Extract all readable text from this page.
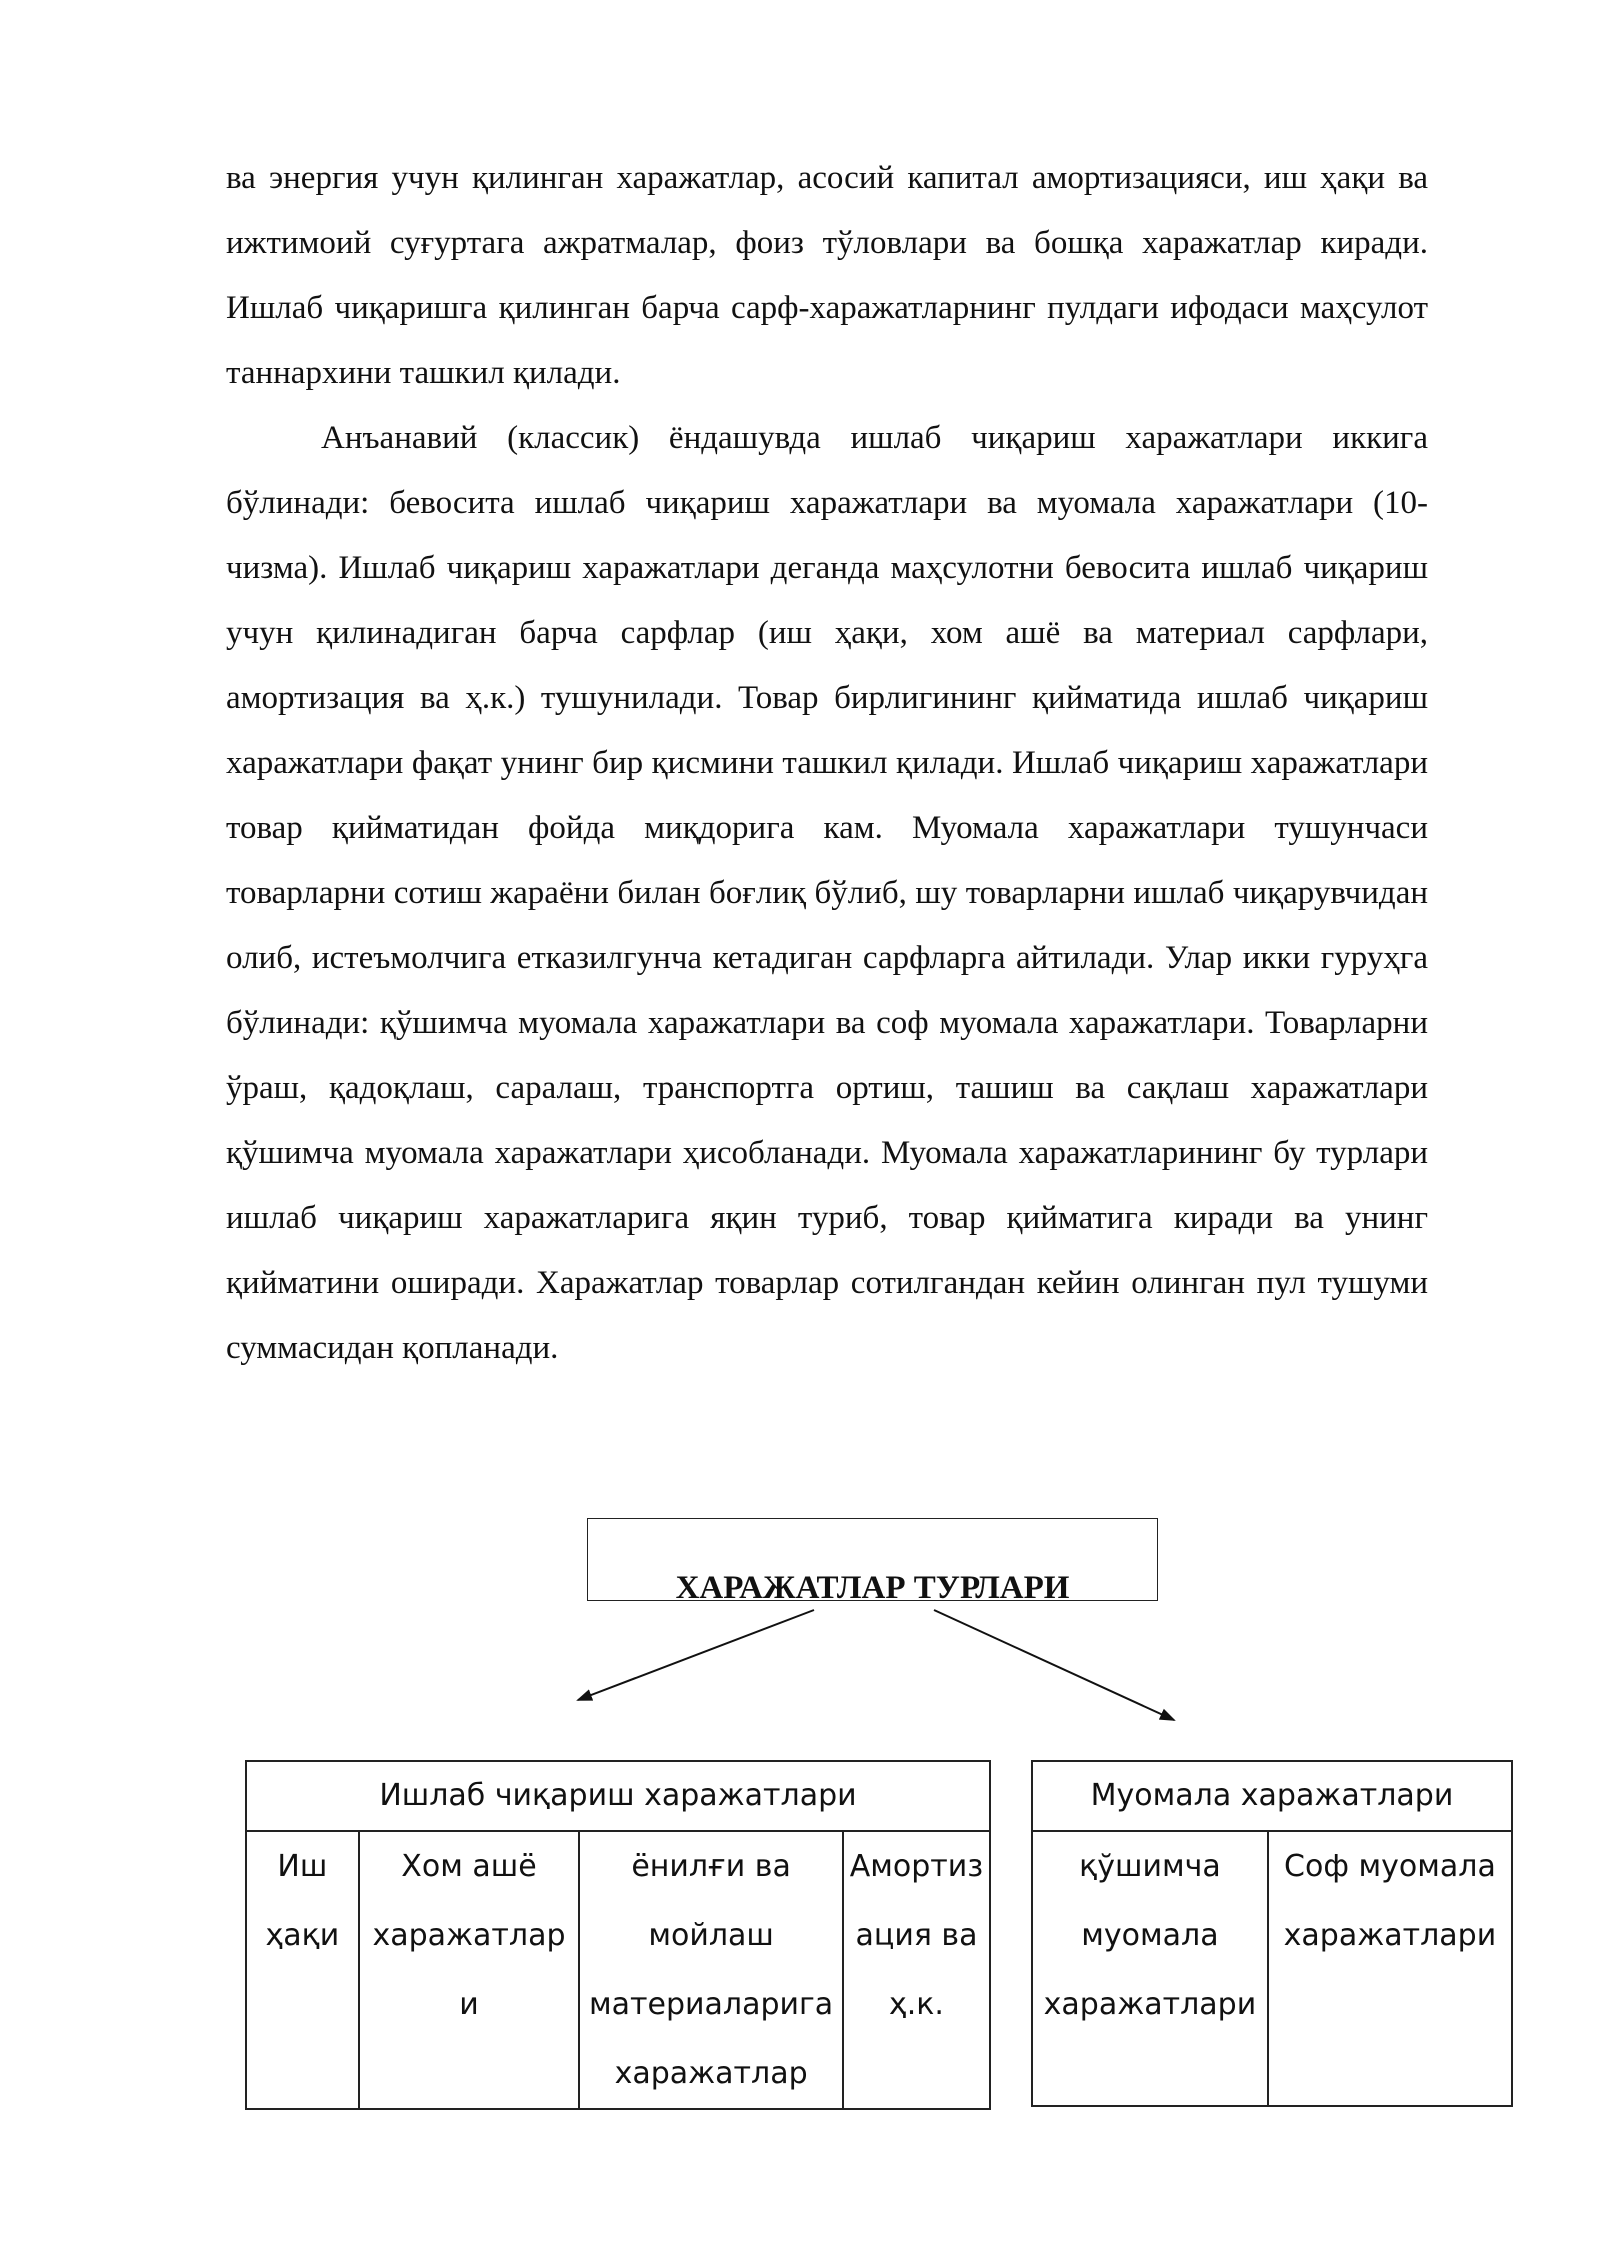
ва энергия учун қилинган харажатлар, асосий капитал амортизацияси, иш ҳақи ва ижтимоий суғуртага ажратмалар, фоиз тўловлари ва бошқа харажатлар киради. Ишлаб чиқаришга қилинган барча сарф-харажатларнинг пулдаги ифодаси маҳсулот таннархини ташкил қилади.

Анъанавий (классик) ёндашувда ишлаб чиқариш харажатлари иккига бўлинади: бевосита ишлаб чиқариш харажатлари ва муомала харажатлари (10- чизма). Ишлаб чиқариш харажатлари деганда маҳсулотни бевосита ишлаб чиқариш учун қилинадиган барча сарфлар (иш ҳақи, хом ашё ва материал сарфлари, амортизация ва ҳ.к.) тушунилади. Товар бирлигининг қийматида ишлаб чиқариш харажатлари фақат унинг бир қисмини ташкил қилади. Ишлаб чиқариш харажатлари товар қийматидан фойда миқдорига кам. Муомала харажатлари тушунчаси товарларни сотиш жараёни билан боғлиқ бўлиб, шу товарларни ишлаб чиқарувчидан олиб, истеъмолчига етказилгунча кетадиган сарфларга айтилади. Улар икки гуруҳга бўлинади: қўшимча муомала харажатлари ва соф муомала харажатлари. Товарларни ўраш, қадоқлаш, саралаш, транспортга ортиш, ташиш ва сақлаш харажатлари қўшимча муомала харажатлари ҳисобланади. Муомала харажатларининг бу турлари ишлаб чиқариш харажатларига яқин туриб, товар қийматига киради ва унинг қийматини оширади. Харажатлар товарлар сотилгандан кейин олинган пул тушуми суммасидан қопланади.

ХАРАЖАТЛАР ТУРЛАРИ
Ишлаб чиқариш харажатлари
Иш ҳақи	Хом ашё харажатлар и	ёнилғи ва мойлаш материаларига харажатлар	Амортиз ация ва ҳ.к.
Муомала харажатлари
қўшимча муомала харажатлари	Соф муомала харажатлари
